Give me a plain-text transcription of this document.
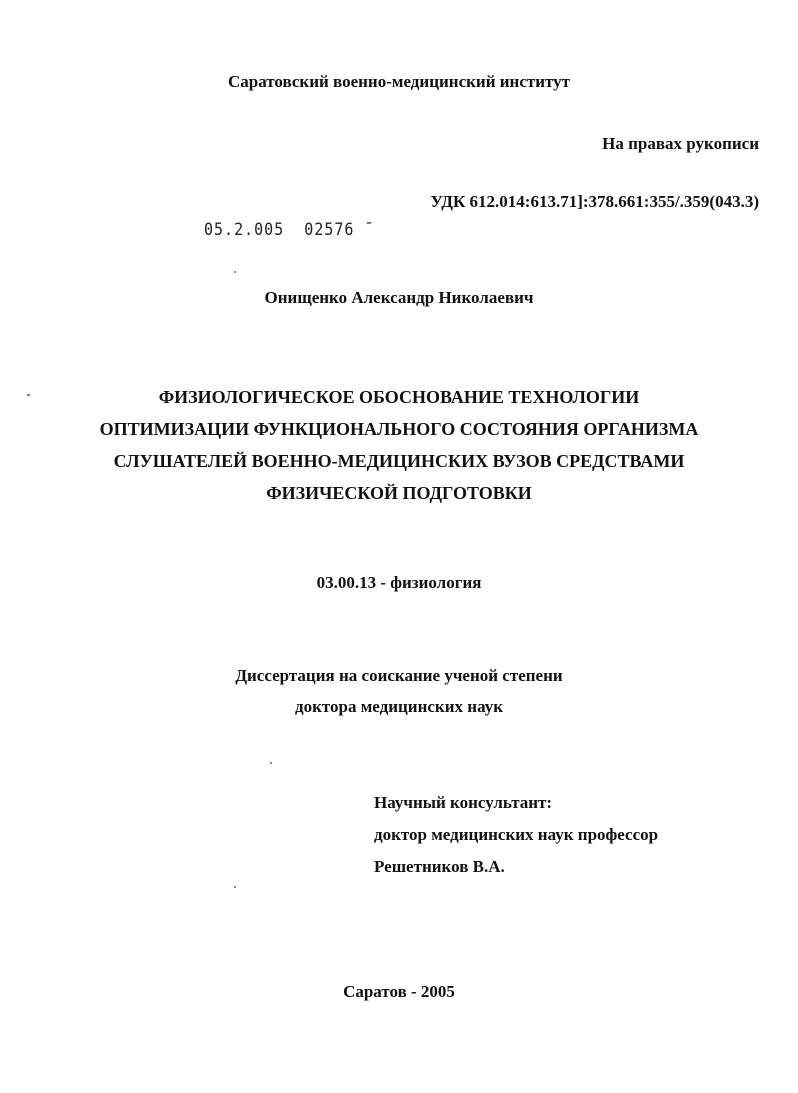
Саратовский военно-медицинский институт
На правах рукописи
УДК 612.014:613.71]:378.661:355/.359(043.3)
05.2.005  02576 ¯
Онищенко Александр Николаевич
ФИЗИОЛОГИЧЕСКОЕ ОБОСНОВАНИЕ ТЕХНОЛОГИИ
ОПТИМИЗАЦИИ ФУНКЦИОНАЛЬНОГО СОСТОЯНИЯ ОРГАНИЗМА
СЛУШАТЕЛЕЙ ВОЕННО-МЕДИЦИНСКИХ ВУЗОВ СРЕДСТВАМИ
ФИЗИЧЕСКОЙ ПОДГОТОВКИ
03.00.13 - физиология
Диссертация на соискание ученой степени
доктора медицинских наук
Научный консультант:
доктор медицинских наук профессор
Решетников В.А.
Саратов - 2005
